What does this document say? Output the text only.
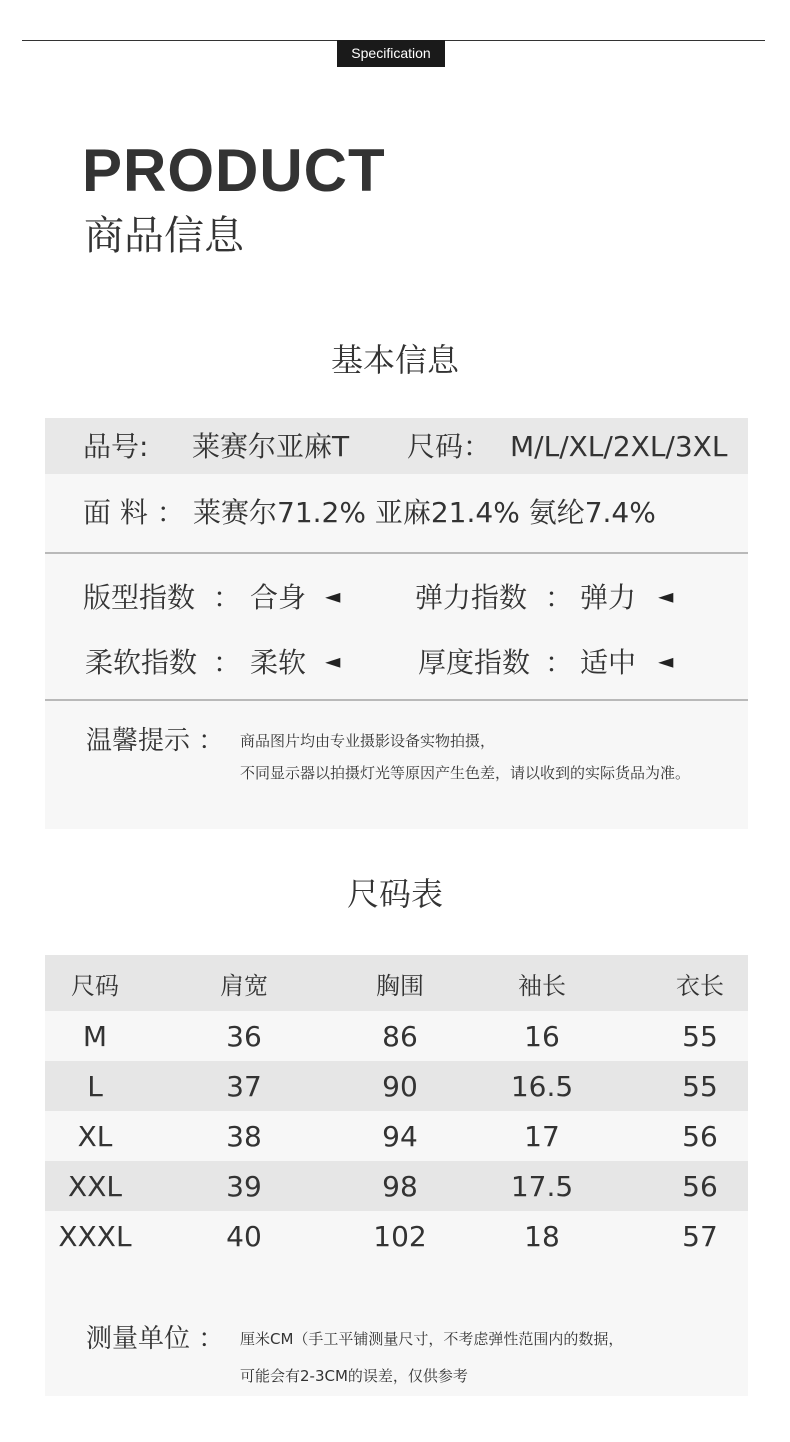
Specification
PRODUCT
商品信息
基本信息
品号: 莱赛尔亚麻T 尺码： M/L/XL/2XL/3XL
面 料 ： 莱赛尔71.2% 亚麻21.4% 氨纶7.4%
版型指数 ： 合身 ◄	弹力指数 ： 弹力 ◄
柔软指数 ： 柔软 ◄	厚度指数 ： 适中 ◄
温馨提示 ： 商品图片均由专业摄影设备实物拍摄，
不同显示器以拍摄灯光等原因产生色差，请以收到的实际货品为准。
尺码表
尺码	肩宽	胸围	袖长	衣长
M	36	86	16	55
L	37	90	16.5	55
XL	38	94	17	56
XXL	39	98	17.5	56
XXXL	40	102	18	57
测量单位 ： 厘米CM（手工平铺测量尺寸，不考虑弹性范围内的数据，
可能会有2-3CM的误差，仅供参考
